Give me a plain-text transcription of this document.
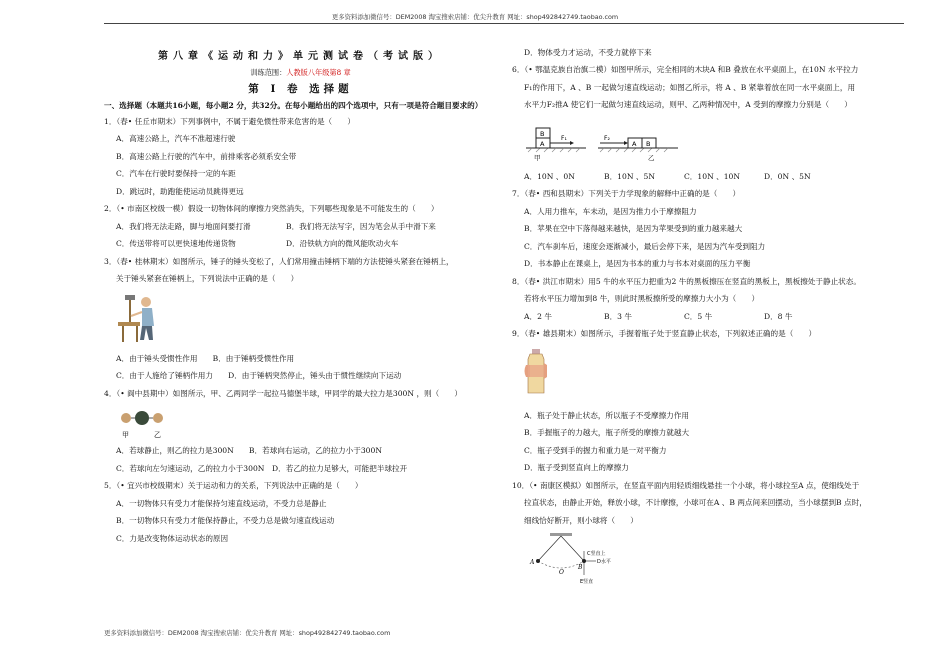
更多资料添加微信号：DEM2008 淘宝搜索店铺：优尖升教育 网址：shop492842749.taobao.com
第八章《运动和力》单元测试卷（考试版）
训练范围：人教版八年级第8 章
第 Ⅰ 卷 选择题
一、选择题（本题共16小题，每小题2 分，共32分。在每小题给出的四个选项中，只有一项是符合题目要求的）
1．（春• 任丘市期末）下列事例中，不属于避免惯性带来危害的是（　　）
A．高速公路上，汽车不准超速行驶
B．高速公路上行驶的汽车中，前排乘客必须系安全带
C．汽车在行驶时要保持一定的车距
D．跳远时，助跑能使运动员跳得更远
2．（• 市南区校级一模）假设一切物体间的摩擦力突然消失，下列哪些现象是不可能发生的（　　）
A．我们将无法走路，脚与地面间要打滑	B．我们将无法写字，因为笔会从手中滑下来
C．传送带将可以更快速地传递货物	D．沿铁轨方向的微风能吹动火车
3．（春• 桂林期末）如图所示，锤子的锤头变松了，人们常用撞击锤柄下端的方法使锤头紧套在锤柄上，
关于锤头紧套在锤柄上，下列说法中正确的是（　　）
A．由于锤头受惯性作用　　B．由于锤柄受惯性作用
C．由于人施给了锤柄作用力　　D．由于锤柄突然停止，锤头由于惯性继续向下运动
4．（• 阆中县期中）如图所示，甲、乙两同学一起拉马德堡半球，甲同学的最大拉力是300N ，则（　　）
甲	乙
A．若球静止，则乙的拉力是300N　　B．若球向右运动，乙的拉力小于300N
C．若球向左匀速运动，乙的拉力小于300N　D．若乙的拉力足够大，可能把半球拉开
5．（• 宜兴市校级期末）关于运动和力的关系，下列说法中正确的是（　　）
A．一切物体只有受力才能保持匀速直线运动，不受力总是静止
B．一切物体只有受力才能保持静止，不受力总是做匀速直线运动
C．力是改变物体运动状态的原因
D．物体受力才运动，不受力就停下来
6．（• 鄂温克族自治旗二模）如图甲所示，完全相同的木块A 和B 叠放在水平桌面上，在10N 水平拉力
F₁的作用下，A 、B 一起做匀速直线运动；如图乙所示，将 A 、B 紧靠着放在同一水平桌面上，用
水平力F₂推A 使它们一起做匀速直线运动，则甲、乙两种情况中，A 受到的摩擦力分别是（　　）
B
A
F₁
甲
F₂
A B
乙
A．10N 、0N	B．10N 、5N	C．10N 、10N	D．0N 、5N
7．（春• 西和县期末）下列关于力学现象的解释中正确的是（　　）
A．人用力推车，车未动，是因为推力小于摩擦阻力
B．苹果在空中下落得越来越快，是因为苹果受到的重力越来越大
C．汽车刹车后，速度会逐渐减小，最后会停下来，是因为汽车受到阻力
D．书本静止在课桌上，是因为书本的重力与书本对桌面的压力平衡
8．（春• 洪江市期末）用5 牛的水平压力把重为2 牛的黑板擦压在竖直的黑板上，黑板擦处于静止状态。
若将水平压力增加到8 牛，则此时黑板擦所受的摩擦力大小为（　　）
A．2 牛	B．3 牛	C．5 牛	D．8 牛
9．（春• 雄县期末）如图所示，手握着瓶子处于竖直静止状态，下列叙述正确的是（　　）
A．瓶子处于静止状态，所以瓶子不受摩擦力作用
B．手握瓶子的力越大，瓶子所受的摩擦力就越大
C．瓶子受到手的握力和重力是一对平衡力
D．瓶子受到竖直向上的摩擦力
10．（• 南康区模拟）如图所示，在竖直平面内用轻质细线悬挂一个小球，将小球拉至A 点，使细线处于
拉直状态，由静止开始，释放小球，不计摩擦，小球可在A 、B 两点间来回摆动，当小球摆到B 点时，
细线恰好断开，则小球将（　　）
A
B
O
C竖直上
D水平
E竖直
更多资料添加微信号：DEM2008 淘宝搜索店铺：优尖升教育 网址：shop492842749.taobao.com
